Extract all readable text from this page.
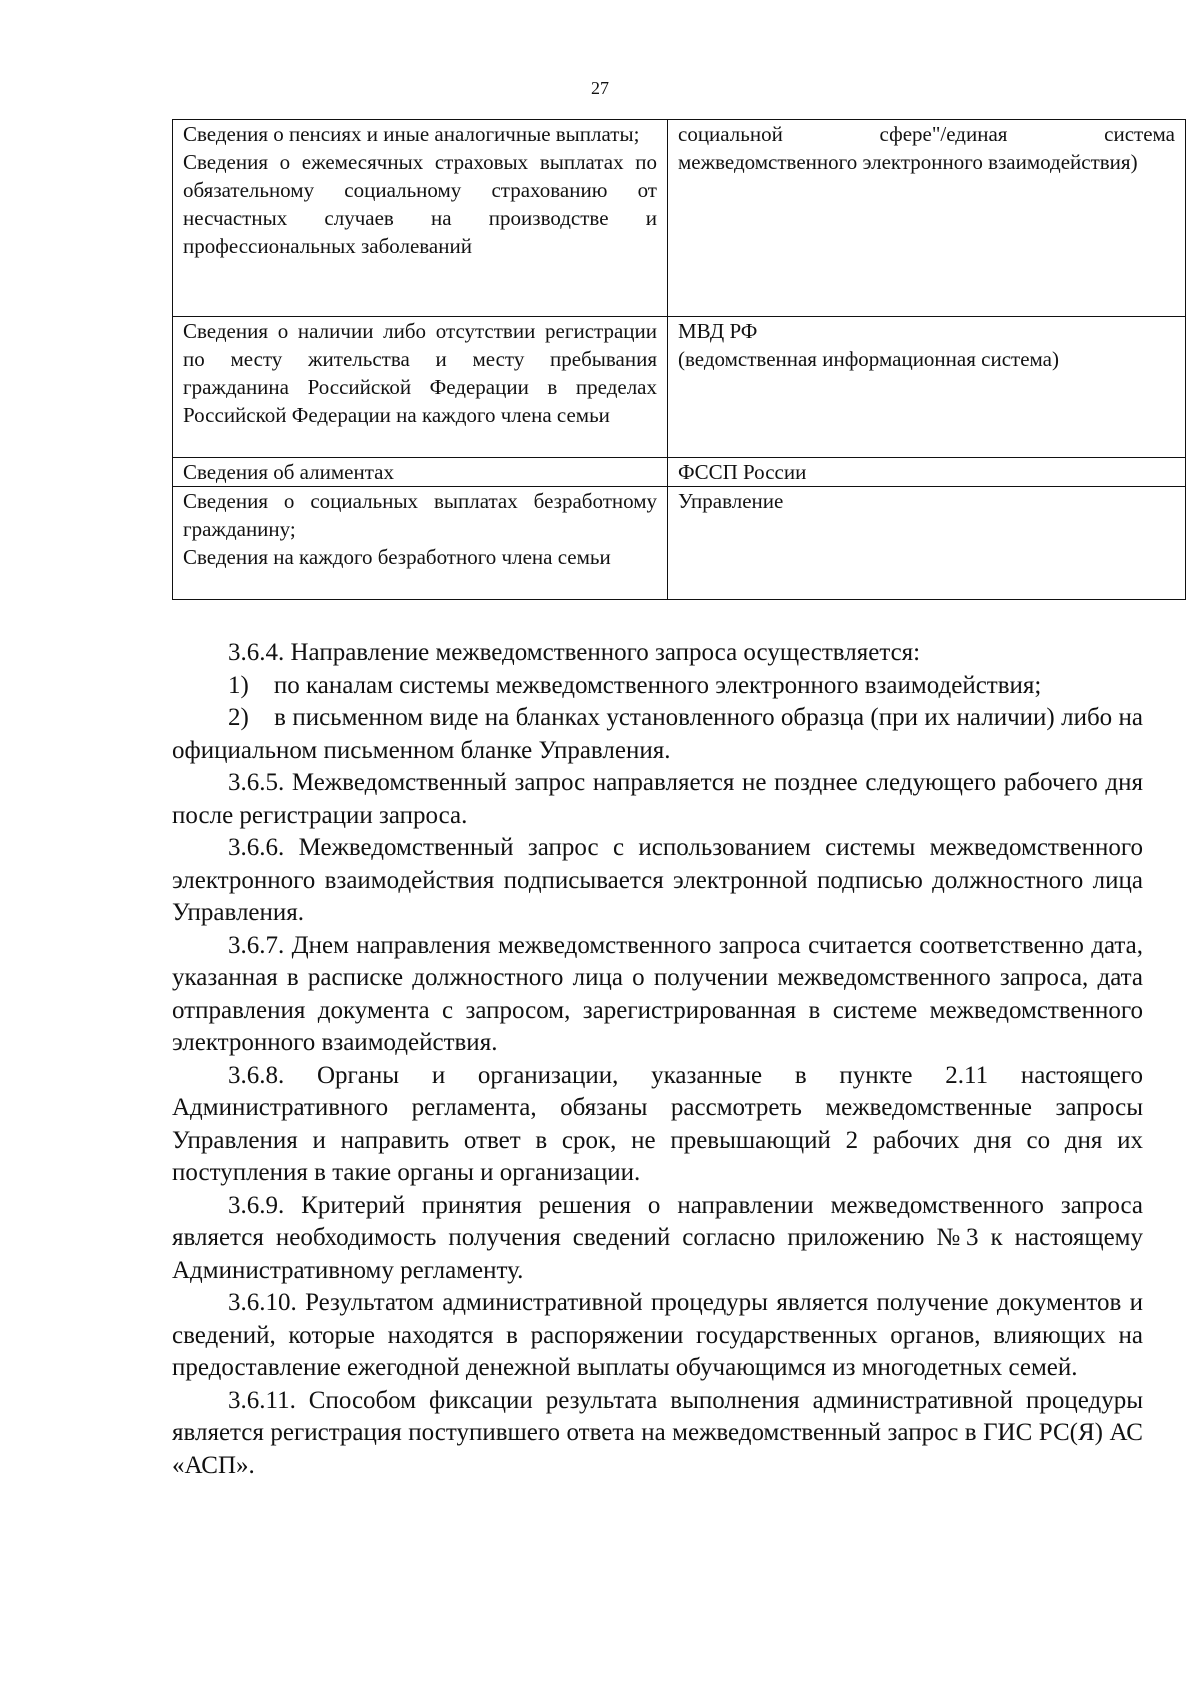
27
Сведения о пенсиях и иные аналогичные выплаты;
Сведения о ежемесячных страховых выплатах по обязательному социальному страхованию от несчастных случаев на производстве и профессиональных заболеваний	социальной сфере"/единая система межведомственного электронного взаимодействия)

Сведения о наличии либо отсутствии регистрации по месту жительства и месту пребывания гражданина Российской Федерации в пределах Российской Федерации на каждого члена семьи	МВД РФ
(ведомственная информационная система)

Сведения об алиментах	ФССП России

Сведения о социальных выплатах безработному гражданину;
Сведения на каждого безработного члена семьи	Управление

3.6.4. Направление межведомственного запроса осуществляется:

1)    по каналам системы межведомственного электронного взаимодействия;

2)    в письменном виде на бланках установленного образца (при их наличии) либо на официальном письменном бланке Управления.

3.6.5. Межведомственный запрос направляется не позднее следующего рабочего дня после регистрации запроса.

3.6.6. Межведомственный запрос с использованием системы межведомственного электронного взаимодействия подписывается электронной подписью должностного лица Управления.

3.6.7. Днем направления межведомственного запроса считается соответственно дата, указанная в расписке должностного лица о получении межведомственного запроса, дата отправления документа с запросом, зарегистрированная в системе межведомственного электронного взаимодействия.

3.6.8. Органы и организации, указанные в пункте 2.11 настоящего Административного регламента, обязаны рассмотреть межведомственные запросы Управления и направить ответ в срок, не превышающий 2 рабочих дня со дня их поступления в такие органы и организации.

3.6.9. Критерий принятия решения о направлении межведомственного запроса является необходимость получения сведений согласно приложению №3 к настоящему Административному регламенту.

3.6.10. Результатом административной процедуры является получение документов и сведений, которые находятся в распоряжении государственных органов, влияющих на предоставление ежегодной денежной выплаты обучающимся из многодетных семей.

3.6.11. Способом фиксации результата выполнения административной процедуры является регистрация поступившего ответа на межведомственный запрос в ГИС РС(Я) АС «АСП».
